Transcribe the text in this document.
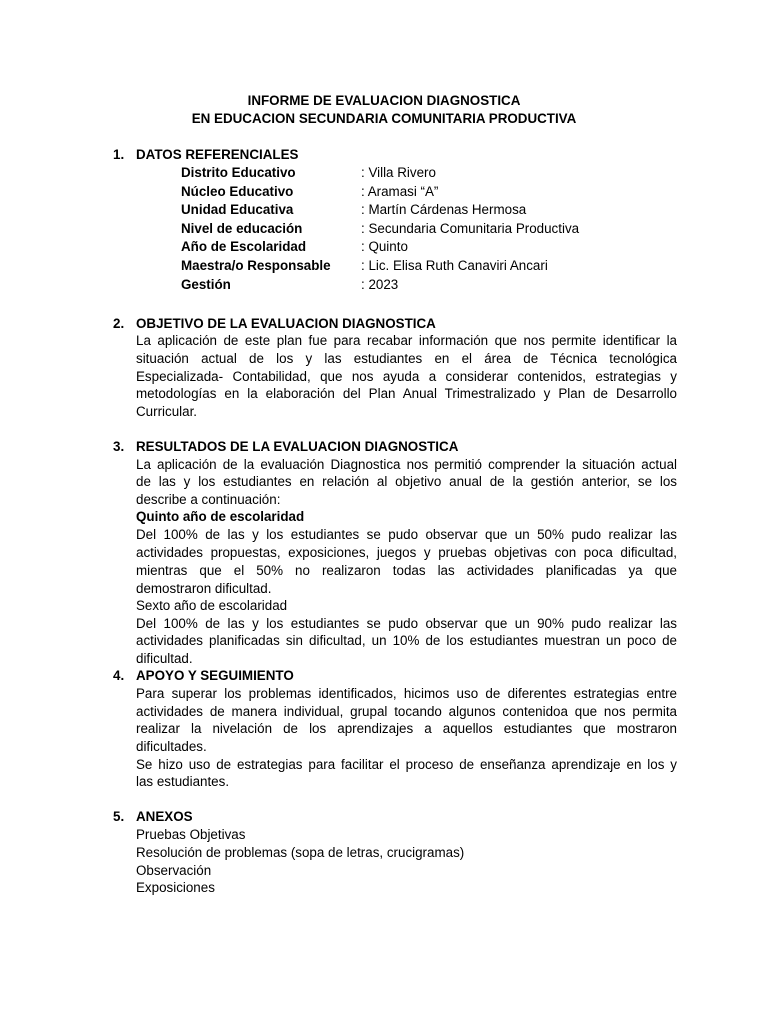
INFORME DE EVALUACION DIAGNOSTICA
EN EDUCACION SECUNDARIA COMUNITARIA PRODUCTIVA
1. DATOS REFERENCIALES
Distrito Educativo	: Villa Rivero
Núcleo Educativo	: Aramasi “A”
Unidad Educativa	: Martín Cárdenas Hermosa
Nivel de educación	: Secundaria Comunitaria Productiva
Año de Escolaridad	: Quinto
Maestra/o Responsable : Lic. Elisa Ruth Canaviri Ancari
Gestión	: 2023
2. OBJETIVO DE LA EVALUACION DIAGNOSTICA
La aplicación de este plan fue para recabar información que nos permite identificar la
situación actual de los y las estudiantes en el área de Técnica tecnológica
Especializada- Contabilidad, que nos ayuda a considerar contenidos, estrategias y
metodologías en la elaboración del Plan Anual Trimestralizado y Plan de Desarrollo
Curricular.
3. RESULTADOS DE LA EVALUACION DIAGNOSTICA
La aplicación de la evaluación Diagnostica nos permitió comprender la situación actual
de las y los estudiantes en relación al objetivo anual de la gestión anterior, se los
describe a continuación:
Quinto año de escolaridad
Del 100% de las y los estudiantes se pudo observar que un 50% pudo realizar las
actividades propuestas, exposiciones, juegos y pruebas objetivas con poca dificultad,
mientras que el 50% no realizaron todas las actividades planificadas ya que
demostraron dificultad.
Sexto año de escolaridad
Del 100% de las y los estudiantes se pudo observar que un 90% pudo realizar las
actividades planificadas sin dificultad, un 10% de los estudiantes muestran un poco de
dificultad.
4. APOYO Y SEGUIMIENTO
Para superar los problemas identificados, hicimos uso de diferentes estrategias entre
actividades de manera individual, grupal tocando algunos contenidoa que nos permita
realizar la nivelación de los aprendizajes a aquellos estudiantes que mostraron
dificultades.
Se hizo uso de estrategias para facilitar el proceso de enseñanza aprendizaje en los y
las estudiantes.
5. ANEXOS
Pruebas Objetivas
Resolución de problemas (sopa de letras, crucigramas)
Observación
Exposiciones
